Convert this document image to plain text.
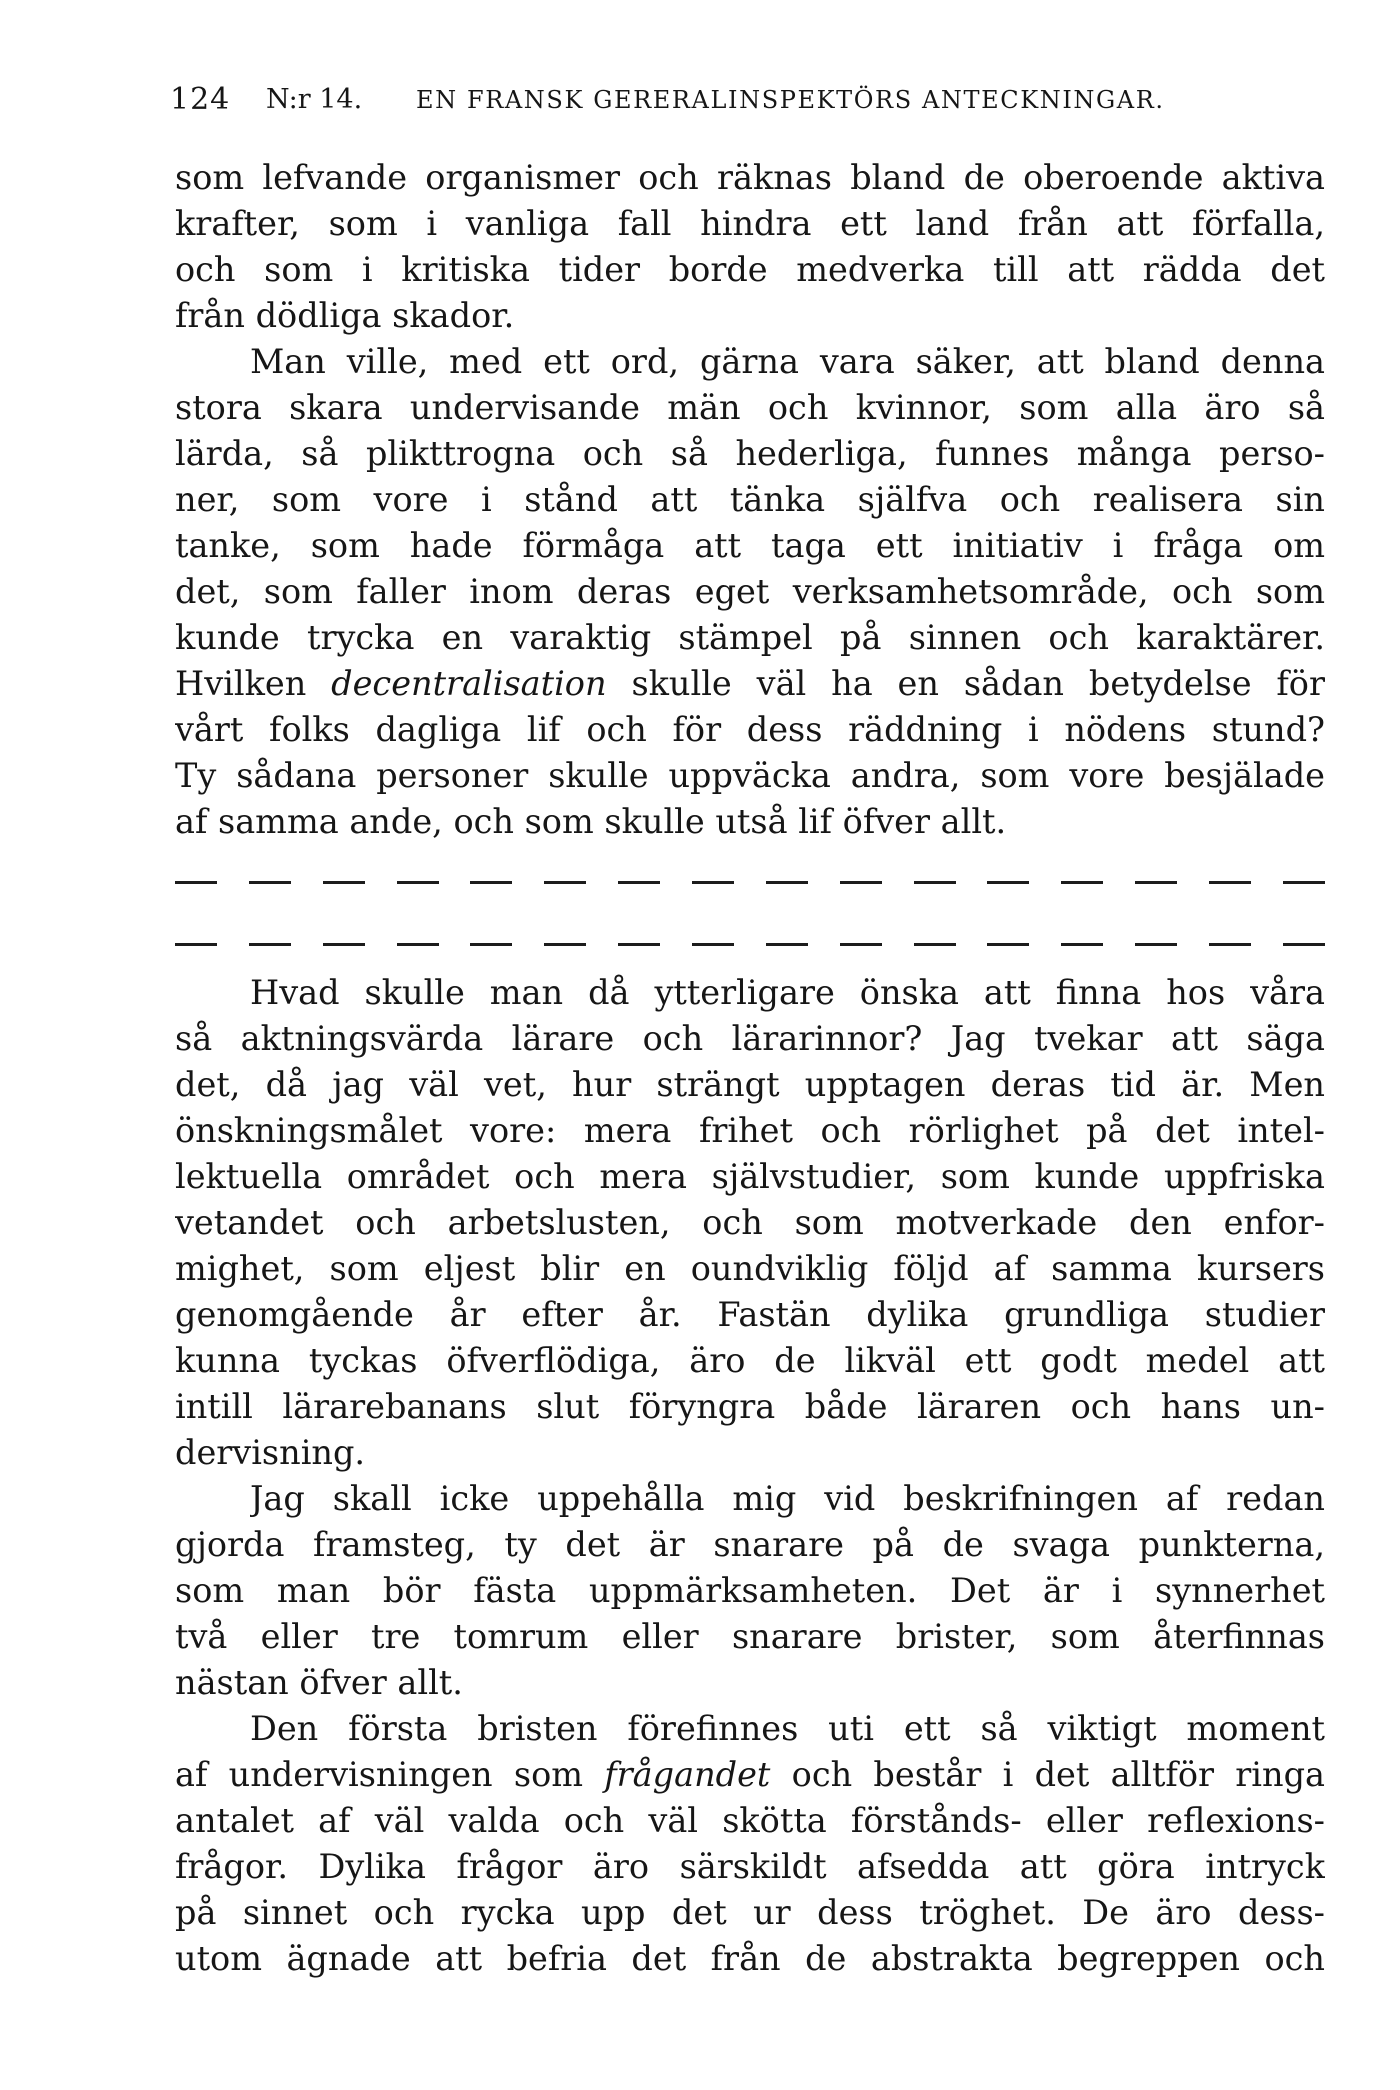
124 N:r 14. EN FRANSK GERERALINSPEKTÖRS ANTECKNINGAR.
som lefvande organismer och räknas bland de oberoende aktiva
krafter, som i vanliga fall hindra ett land från att förfalla,
och som i kritiska tider borde medverka till att rädda det
från dödliga skador.
Man ville, med ett ord, gärna vara säker, att bland denna
stora skara undervisande män och kvinnor, som alla äro så
lärda, så plikttrogna och så hederliga, funnes många perso-
ner, som vore i stånd att tänka själfva och realisera sin
tanke, som hade förmåga att taga ett initiativ i fråga om
det, som faller inom deras eget verksamhetsområde, och som
kunde trycka en varaktig stämpel på sinnen och karaktärer.
Hvilken decentralisation skulle väl ha en sådan betydelse för
vårt folks dagliga lif och för dess räddning i nödens stund?
Ty sådana personer skulle uppväcka andra, som vore besjälade
af samma ande, och som skulle utså lif öfver allt.
Hvad skulle man då ytterligare önska att finna hos våra
så aktningsvärda lärare och lärarinnor? Jag tvekar att säga
det, då jag väl vet, hur strängt upptagen deras tid är. Men
önskningsmålet vore: mera frihet och rörlighet på det intel-
lektuella området och mera självstudier, som kunde uppfriska
vetandet och arbetslusten, och som motverkade den enfor-
mighet, som eljest blir en oundviklig följd af samma kursers
genomgående år efter år. Fastän dylika grundliga studier
kunna tyckas öfverflödiga, äro de likväl ett godt medel att
intill lärarebanans slut föryngra både läraren och hans un-
dervisning.
Jag skall icke uppehålla mig vid beskrifningen af redan
gjorda framsteg, ty det är snarare på de svaga punkterna,
som man bör fästa uppmärksamheten. Det är i synnerhet
två eller tre tomrum eller snarare brister, som återfinnas
nästan öfver allt.
Den första bristen förefinnes uti ett så viktigt moment
af undervisningen som frågandet och består i det alltför ringa
antalet af väl valda och väl skötta förstånds- eller reflexions-
frågor. Dylika frågor äro särskildt afsedda att göra intryck
på sinnet och rycka upp det ur dess tröghet. De äro dess-
utom ägnade att befria det från de abstrakta begreppen och
